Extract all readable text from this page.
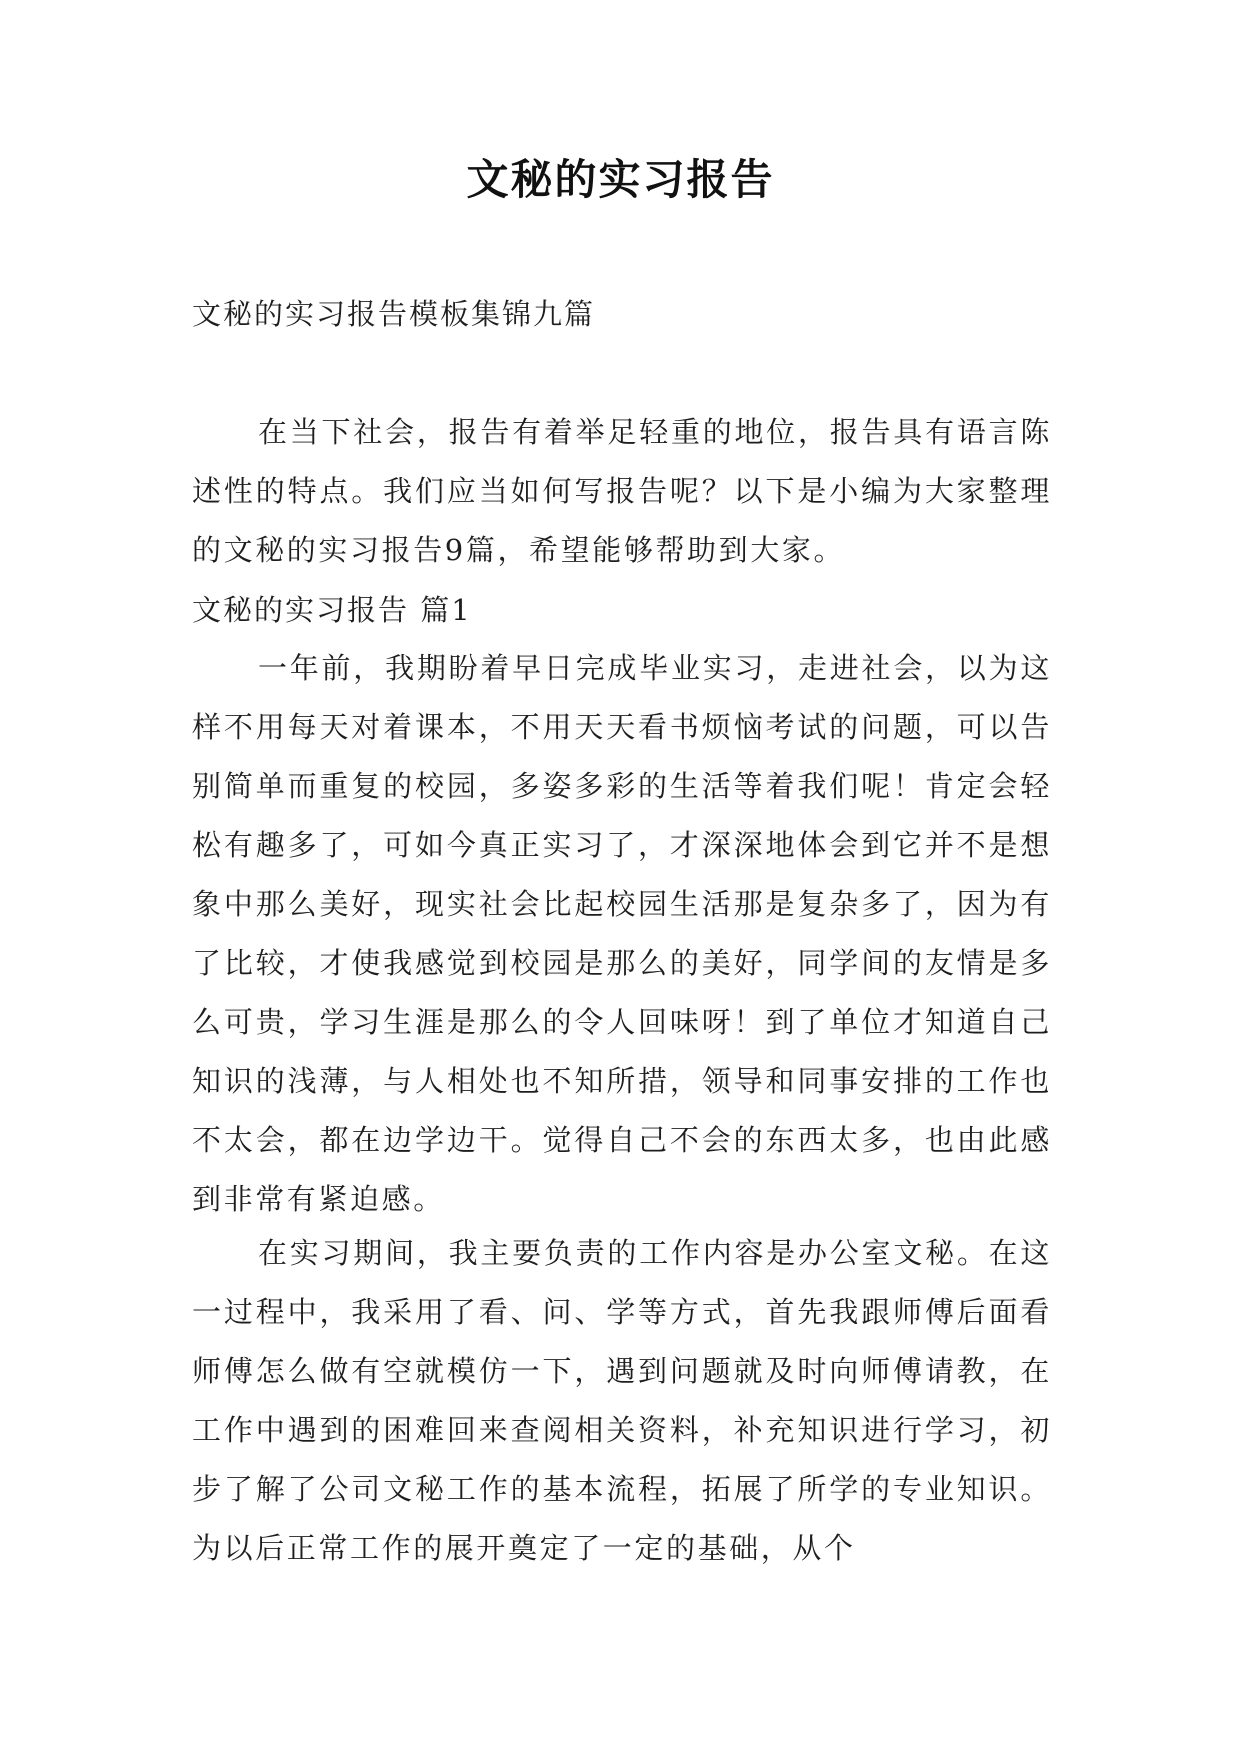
文秘的实习报告
文秘的实习报告模板集锦九篇

在当下社会，报告有着举足轻重的地位，报告具有语言陈述性的特点。我们应当如何写报告呢？以下是小编为大家整理的文秘的实习报告9篇，希望能够帮助到大家。

文秘的实习报告 篇1

一年前，我期盼着早日完成毕业实习，走进社会，以为这样不用每天对着课本，不用天天看书烦恼考试的问题，可以告别简单而重复的校园，多姿多彩的生活等着我们呢！肯定会轻松有趣多了，可如今真正实习了，才深深地体会到它并不是想象中那么美好，现实社会比起校园生活那是复杂多了，因为有了比较，才使我感觉到校园是那么的美好，同学间的友情是多么可贵，学习生涯是那么的令人回味呀！到了单位才知道自己知识的浅薄，与人相处也不知所措，领导和同事安排的工作也不太会，都在边学边干。觉得自己不会的东西太多，也由此感到非常有紧迫感。

在实习期间，我主要负责的工作内容是办公室文秘。在这一过程中，我采用了看、问、学等方式，首先我跟师傅后面看师傅怎么做有空就模仿一下，遇到问题就及时向师傅请教，在工作中遇到的困难回来查阅相关资料，补充知识进行学习，初步了解了公司文秘工作的基本流程，拓展了所学的专业知识。为以后正常工作的展开奠定了一定的基础，从个
